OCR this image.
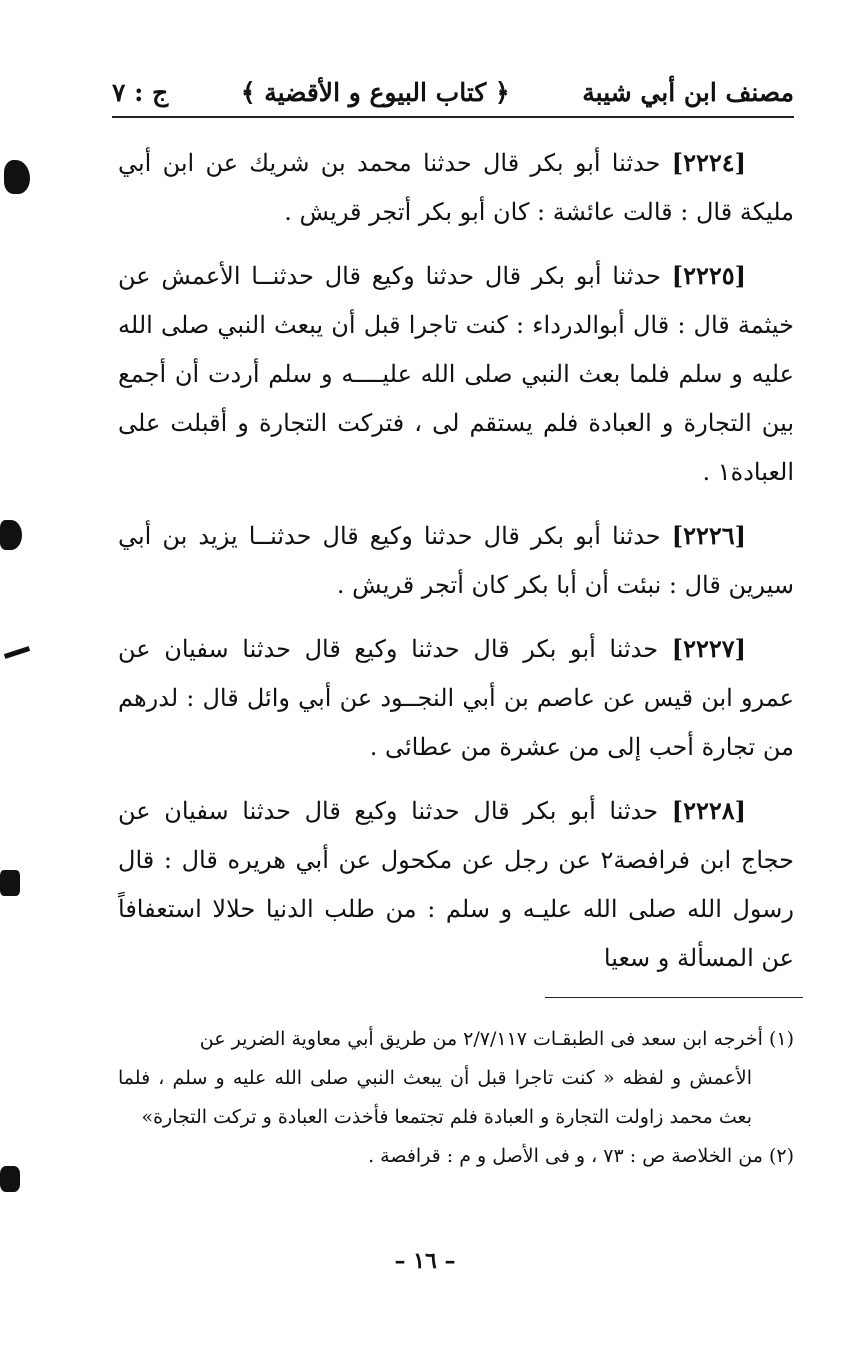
مصنف ابن أبي شيبة
﴿ كتاب البيوع و الأقضية ﴾
ج : ٧

[٢٢٢٤] حدثنا أبو بكر قال حدثنا محمد بن شريك عن ابن أبي مليكة قال : قالت عائشة : كان أبو بكر أتجر قريش .

[٢٢٢٥] حدثنا أبو بكر قال حدثنا وكيع قال حدثنــا الأعمش عن خيثمة قال : قال أبوالدرداء : كنت تاجرا قبل أن يبعث النبي صلى الله عليه و سلم فلما بعث النبي صلى الله عليــــه و سلم أردت أن أجمع بين التجارة و العبادة فلم يستقم لى ، فتركت التجارة و أقبلت على العبادة١ .

[٢٢٢٦] حدثنا أبو بكر قال حدثنا وكيع قال حدثنــا يزيد بن أبي سيرين قال : نبئت أن أبا بكر كان أتجر قريش .

[٢٢٢٧] حدثنا أبو بكر قال حدثنا وكيع قال حدثنا سفيان عن عمرو ابن قيس عن عاصم بن أبي النجــود عن أبي وائل قال : لدرهم من تجارة أحب إلى من عشرة من عطائى .

[٢٢٢٨] حدثنا أبو بكر قال حدثنا وكيع قال حدثنا سفيان عن حجاج ابن فرافصة٢ عن رجل عن مكحول عن أبي هريره قال : قال رسول الله صلى الله عليـه و سلم : من طلب الدنيا حلالا استعفافاً عن المسألة و سعيا

(١) أخرجه ابن سعد فى الطبقـات ٢/٧/١١٧ من طريق أبي معاوية الضرير عن
الأعمش و لفظه « كنت تاجرا قبل أن يبعث النبي صلى الله عليه و سلم ، فلما بعث محمد زاولت التجارة و العبادة فلم تجتمعا فأخذت العبادة و تركت التجارة»

(٢) من الخلاصة ص : ٧٣ ، و فى الأصل و م : قرافصة .

– ١٦ –
